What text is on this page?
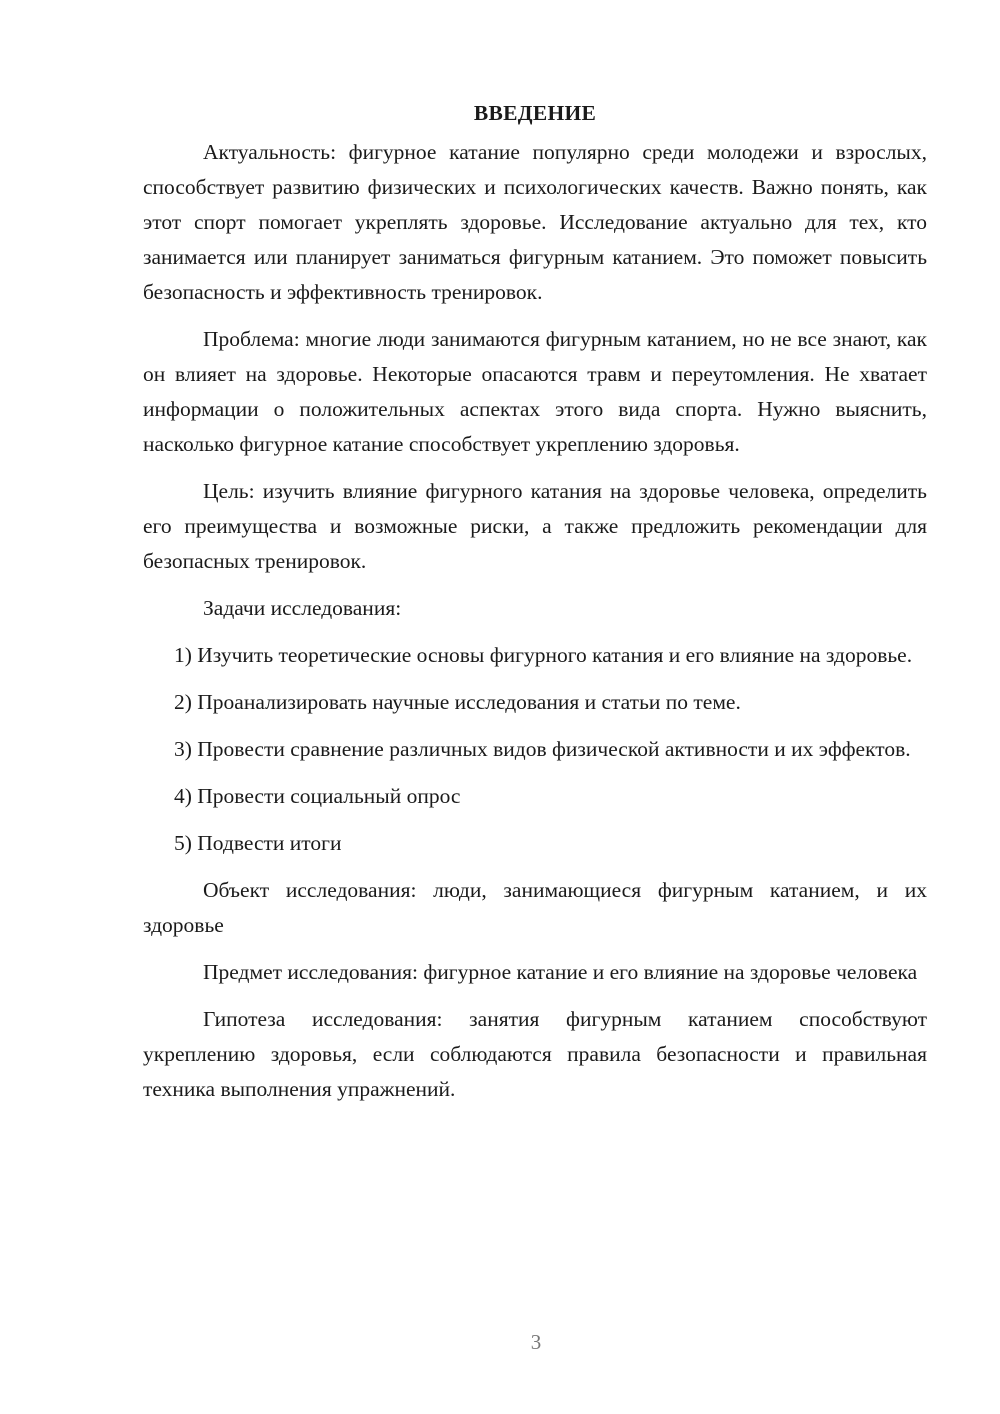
ВВЕДЕНИЕ

Актуальность: фигурное катание популярно среди молодежи и взрослых, способствует развитию физических и психологических качеств. Важно понять, как этот спорт помогает укреплять здоровье. Исследование актуально для тех, кто занимается или планирует заниматься фигурным катанием. Это поможет повысить безопасность и эффективность тренировок.

Проблема: многие люди занимаются фигурным катанием, но не все знают, как он влияет на здоровье. Некоторые опасаются травм и переутомления. Не хватает информации о положительных аспектах этого вида спорта. Нужно выяснить, насколько фигурное катание способствует укреплению здоровья.

Цель: изучить влияние фигурного катания на здоровье человека, определить его преимущества и возможные риски, а также предложить рекомендации для безопасных тренировок.

Задачи исследования:

1) Изучить теоретические основы фигурного катания и его влияние на здоровье.

2) Проанализировать научные исследования и статьи по теме.

3) Провести сравнение различных видов физической активности и их эффектов.

4) Провести социальный опрос

5) Подвести итоги

Объект исследования: люди, занимающиеся фигурным катанием, и их здоровье

Предмет исследования: фигурное катание и его влияние на здоровье человека

Гипотеза исследования: занятия фигурным катанием способствуют укреплению здоровья, если соблюдаются правила безопасности и правильная техника выполнения упражнений.

3
